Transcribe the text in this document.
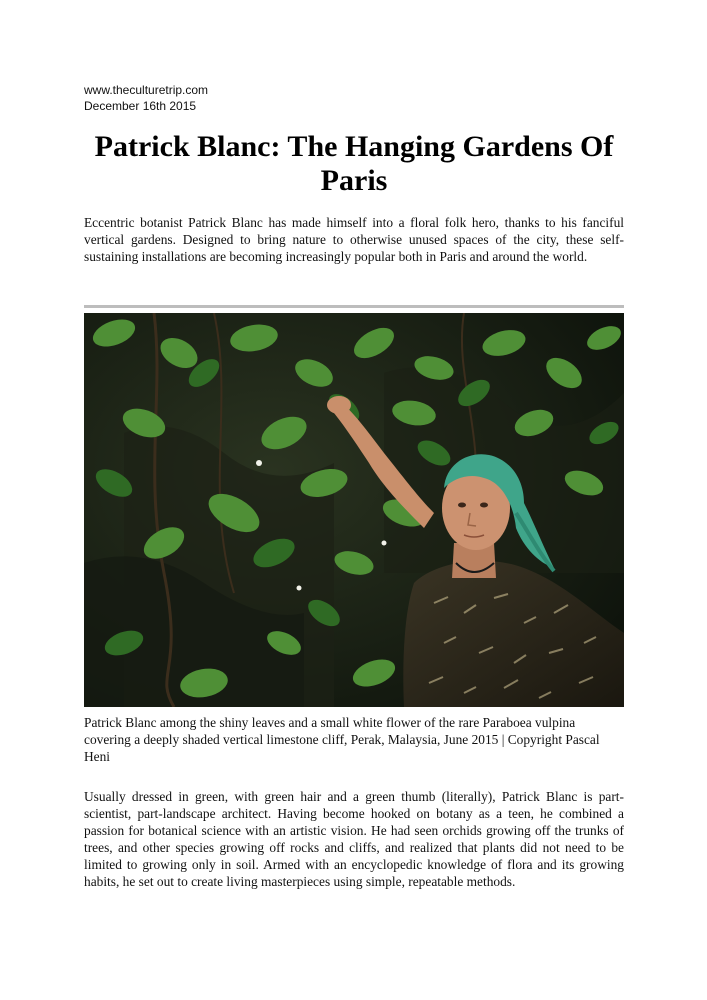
www.theculturetrip.com
December 16th 2015
Patrick Blanc: The Hanging Gardens Of Paris

Eccentric botanist Patrick Blanc has made himself into a floral folk hero, thanks to his fanciful vertical gardens. Designed to bring nature to otherwise unused spaces of the city, these self-sustaining installations are becoming increasingly popular both in Paris and around the world.

Patrick Blanc among the shiny leaves and a small white flower of the rare Paraboea vulpina covering a deeply shaded vertical limestone cliff, Perak, Malaysia, June 2015 | Copyright Pascal Heni

Usually dressed in green, with green hair and a green thumb (literally), Patrick Blanc is part-scientist, part-landscape architect. Having become hooked on botany as a teen, he combined a passion for botanical science with an artistic vision. He had seen orchids growing off the trunks of trees, and other species growing off rocks and cliffs, and realized that plants did not need to be limited to growing only in soil. Armed with an encyclopedic knowledge of flora and its growing habits, he set out to create living masterpieces using simple, repeatable methods.
